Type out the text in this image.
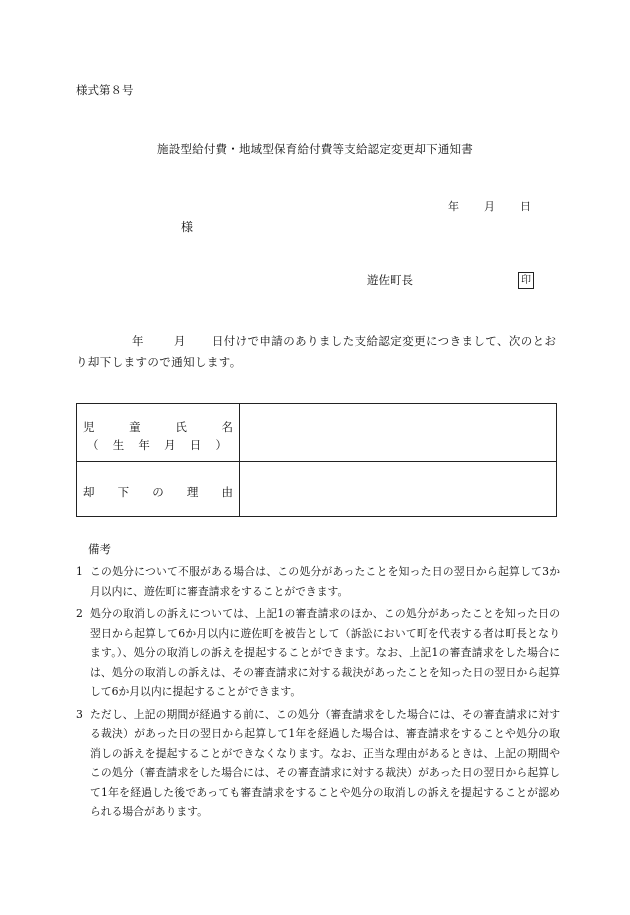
様式第８号
施設型給付費・地域型保育給付費等支給認定変更却下通知書
年 月 日
様
遊佐町長	印

年	月 日付けで申請のありました支給認定変更につきまして、次のとおり却下しますので通知します。

児	童	氏	名
（ 生 年 月 日 ）
却 下 の 理 由
備考
1 この処分について不服がある場合は、この処分があったことを知った日の翌日から起算して3か月以内に、遊佐町に審査請求をすることができます。
2 処分の取消しの訴えについては、上記1の審査請求のほか、この処分があったことを知った日の翌日から起算して6か月以内に遊佐町を被告として（訴訟において町を代表する者は町長となります。）、処分の取消しの訴えを提起することができます。なお、上記1の審査請求をした場合には、処分の取消しの訴えは、その審査請求に対する裁決があったことを知った日の翌日から起算して6か月以内に提起することができます。
3 ただし、上記の期間が経過する前に、この処分（審査請求をした場合には、その審査請求に対する裁決）があった日の翌日から起算して1年を経過した場合は、審査請求をすることや処分の取消しの訴えを提起することができなくなります。なお、正当な理由があるときは、上記の期間やこの処分（審査請求をした場合には、その審査請求に対する裁決）があった日の翌日から起算して1年を経過した後であっても審査請求をすることや処分の取消しの訴えを提起することが認められる場合があります。
